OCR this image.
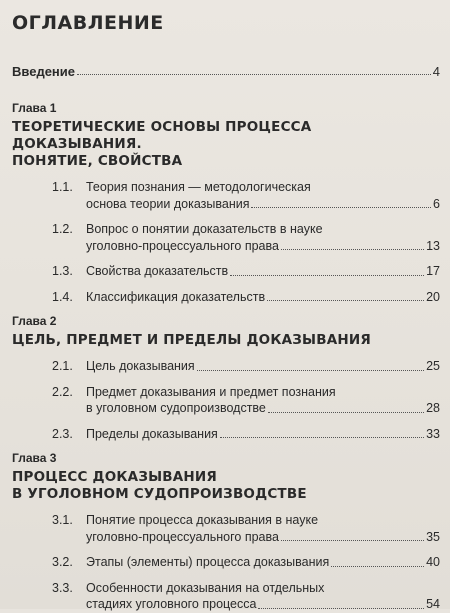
ОГЛАВЛЕНИЕ
Введение	4
Глава 1
ТЕОРЕТИЧЕСКИЕ ОСНОВЫ ПРОЦЕССА ДОКАЗЫВАНИЯ.
ПОНЯТИЕ, СВОЙСТВА
1.1.	Теория познания — методологическая
основа теории доказывания	6
1.2.	Вопрос о понятии доказательств в науке
уголовно-процессуального права	13
1.3.	Свойства доказательств	17
1.4.	Классификация доказательств	20
Глава 2
ЦЕЛЬ, ПРЕДМЕТ И ПРЕДЕЛЫ ДОКАЗЫВАНИЯ
2.1.	Цель доказывания	25
2.2.	Предмет доказывания и предмет познания
в уголовном судопроизводстве	28
2.3.	Пределы доказывания	33
Глава 3
ПРОЦЕСС ДОКАЗЫВАНИЯ
В УГОЛОВНОМ СУДОПРОИЗВОДСТВЕ
3.1.	Понятие процесса доказывания в науке
уголовно-процессуального права	35
3.2.	Этапы (элементы) процесса доказывания	40
3.3.	Особенности доказывания на отдельных
стадиях уголовного процесса	54
